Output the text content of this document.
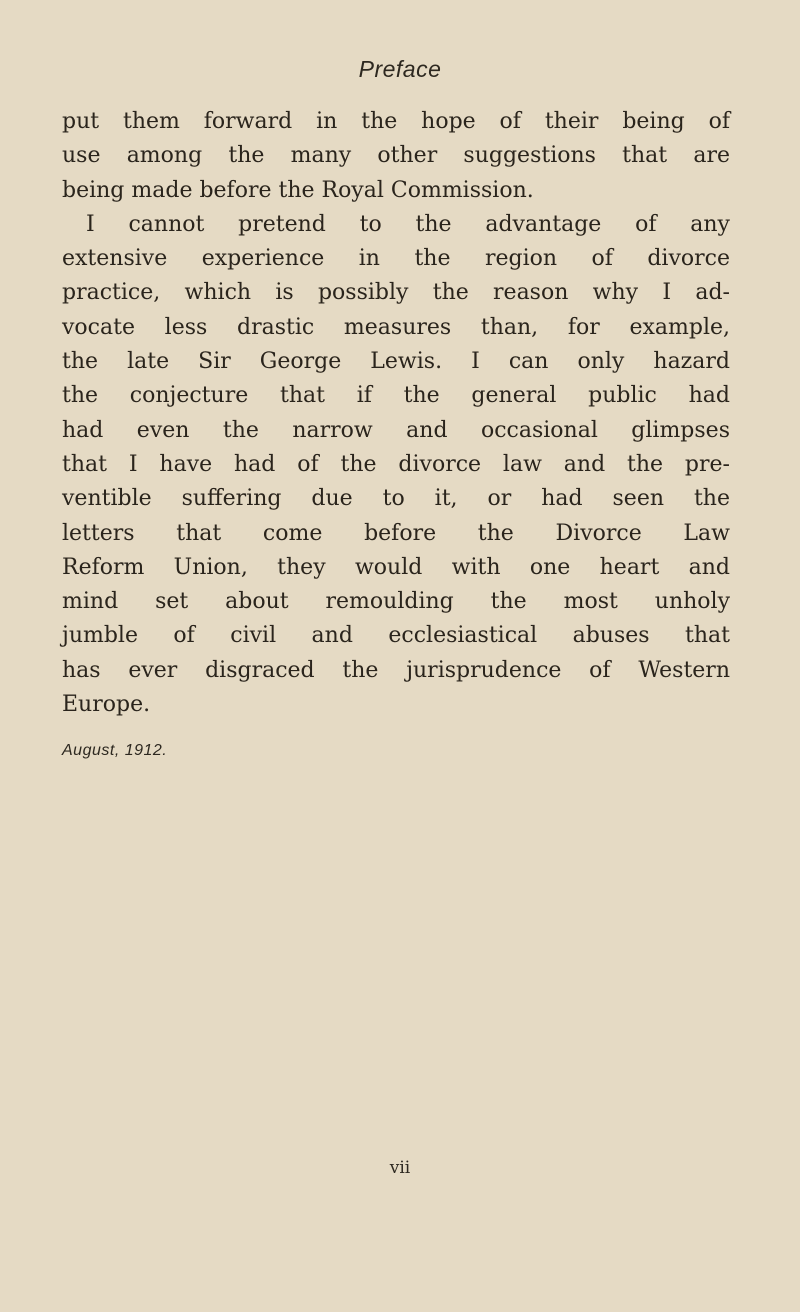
Preface
put them forward in the hope of their being of
use among the many other suggestions that are
being made before the Royal Commission.
I cannot pretend to the advantage of any
extensive experience in the region of divorce
practice, which is possibly the reason why I ad-
vocate less drastic measures than, for example,
the late Sir George Lewis. I can only hazard
the conjecture that if the general public had
had even the narrow and occasional glimpses
that I have had of the divorce law and the pre-
ventible suffering due to it, or had seen the
letters that come before the Divorce Law
Reform Union, they would with one heart and
mind set about remoulding the most unholy
jumble of civil and ecclesiastical abuses that
has ever disgraced the jurisprudence of Western
Europe.
August, 1912.
vii
